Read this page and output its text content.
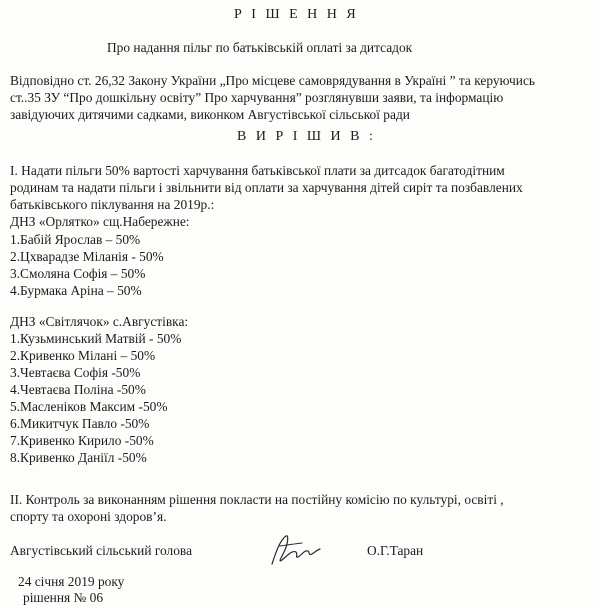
Р І Ш Е Н Н Я
Про надання пільг по батьківській оплаті за дитсадок
Відповідно ст. 26,32 Закону України „Про місцеве самоврядування в Україні ” та керуючись
ст..35 ЗУ “Про дошкільну освіту” Про харчування” розглянувши заяви, та інформацію
завідуючих дитячими садками, виконком Августівської сільської ради
В И Р І Ш И В :
І. Надати пільги 50% вартості харчування батьківської плати за дитсадок багатодітним
родинам та надати пільги і звільнити від оплати за харчування дітей сиріт та позбавлених
батьківського піклування на 2019р.:
ДНЗ «Орлятко» сщ.Набережне:
1.Бабій Ярослав – 50%
2.Цхварадзе Міланія - 50%
3.Смоляна Софія – 50%
4.Бурмака Аріна – 50%
ДНЗ «Світлячок» с.Августівка:
1.Кузьминський Матвій - 50%
2.Кривенко Мілані – 50%
3.Чевтаєва Софія -50%
4.Чевтаєва Поліна -50%
5.Масленіков Максим -50%
6.Микитчук Павло -50%
7.Кривенко Кирило -50%
8.Кривенко Даніїл -50%
ІІ. Контроль за виконанням рішення покласти на постійну комісію по культурі, освіті ,
спорту та охороні здоров’я.
Августівський сільський голова	О.Г.Таран
24 січня 2019 року
рішення № 06
